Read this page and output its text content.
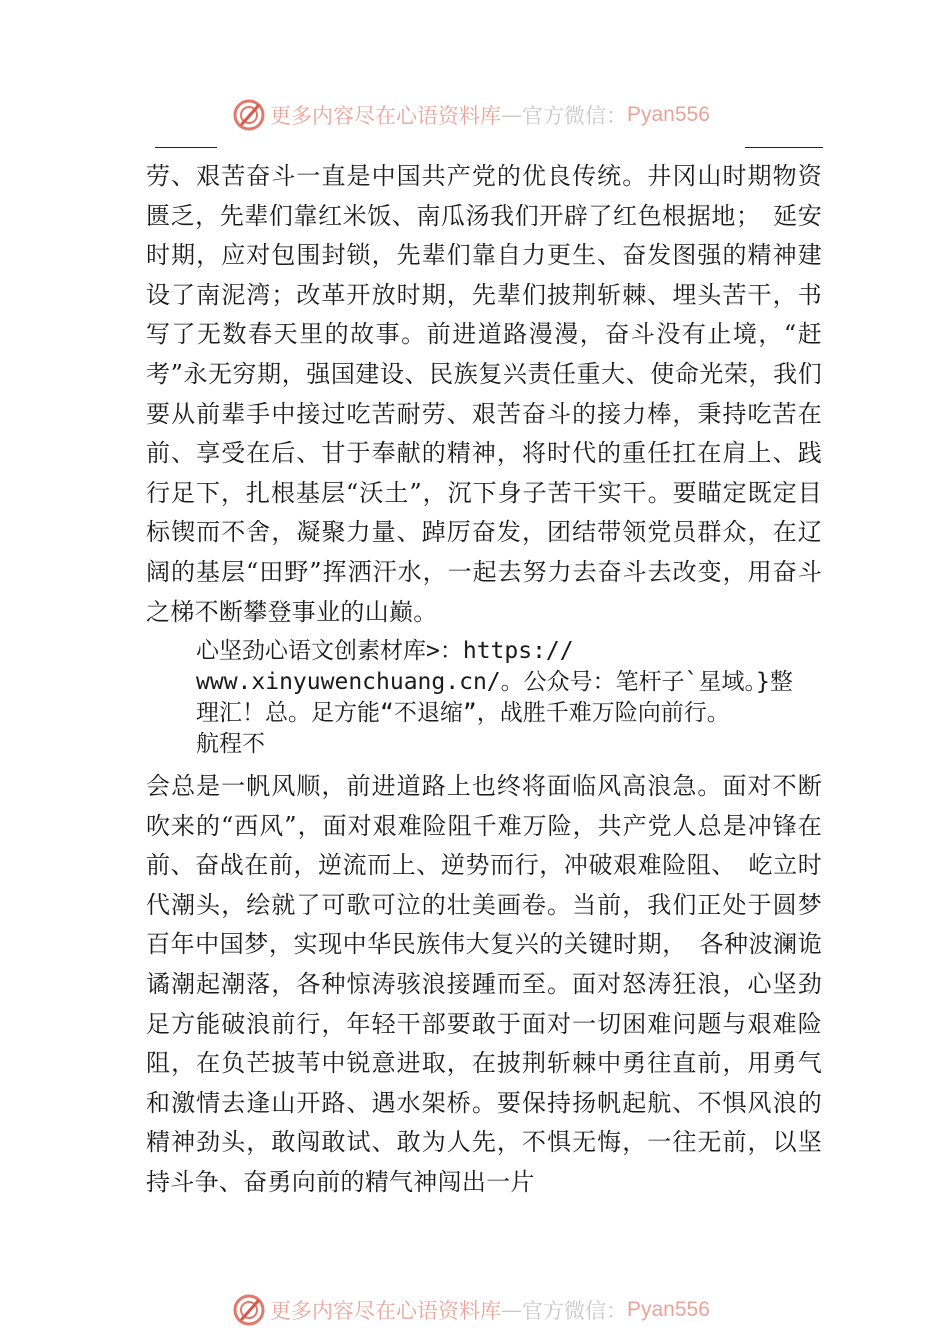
更多内容尽在心语资料库 — 官方微信： Pyan556

劳、艰苦奋斗一直是中国共产党的优良传统。井冈山时期物资匮乏，先辈们靠红米饭、南瓜汤我们开辟了红色根据地；　延安时期，应对包围封锁，先辈们靠自力更生、奋发图强的精神建设了南泥湾；改革开放时期，先辈们披荆斩棘、埋头苦干，书写了无数春天里的故事。前进道路漫漫，奋斗没有止境，“赶考”永无穷期，强国建设、民族复兴责任重大、使命光荣，我们要从前辈手中接过吃苦耐劳、艰苦奋斗的接力棒，秉持吃苦在前、享受在后、甘于奉献的精神，将时代的重任扛在肩上、践行足下，扎根基层“沃土”，沉下身子苦干实干。要瞄定既定目标锲而不舍，凝聚力量、踔厉奋发，团结带领党员群众，在辽阔的基层“田野”挥洒汗水，一起去努力去奋斗去改变，用奋斗之梯不断攀登事业的山巅。

心坚劲心语文创素材库>：https://
www.xinyuwenchuang.cn/。公众号：笔杆子`星域。}整
理汇！总。足方能“不退缩”，战胜千难万险向前行。
航程不

会总是一帆风顺，前进道路上也终将面临风高浪急。面对不断吹来的“西风”，面对艰难险阻千难万险，共产党人总是冲锋在前、奋战在前，逆流而上、逆势而行，冲破艰难险阻、　屹立时代潮头，绘就了可歌可泣的壮美画卷。当前，我们正处于圆梦百年中国梦，实现中华民族伟大复兴的关键时期，　各种波澜诡谲潮起潮落，各种惊涛骇浪接踵而至。面对怒涛狂浪，心坚劲足方能破浪前行，年轻干部要敢于面对一切困难问题与艰难险阻，在负芒披苇中锐意进取，在披荆斩棘中勇往直前，用勇气和激情去逢山开路、遇水架桥。要保持扬帆起航、不惧风浪的精神劲头，敢闯敢试、敢为人先，不惧无悔，一往无前，以坚持斗争、奋勇向前的精气神闯出一片

更多内容尽在心语资料库 — 官方微信： Pyan556
